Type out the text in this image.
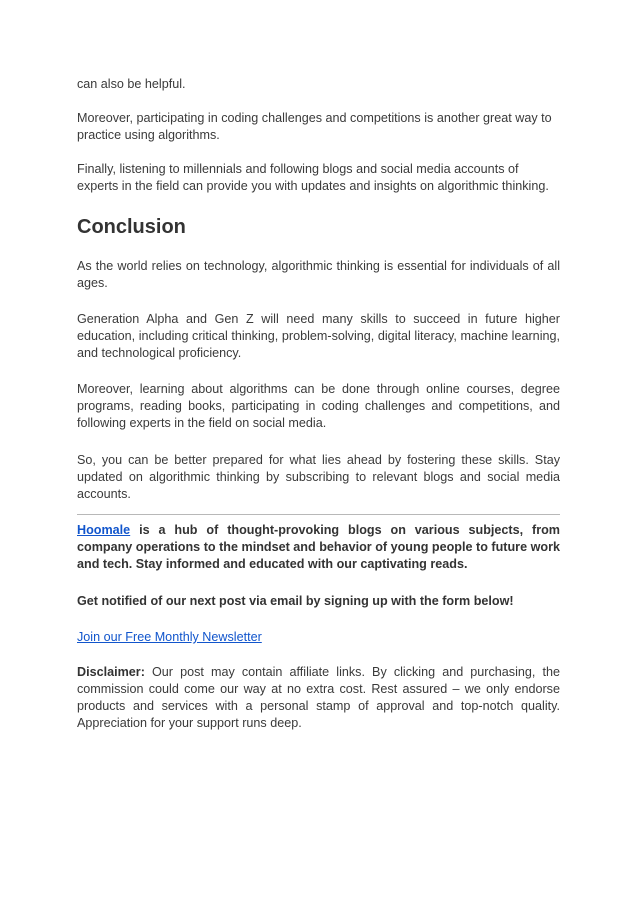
can also be helpful.

Moreover, participating in coding challenges and competitions is another great way to practice using algorithms.

Finally, listening to millennials and following blogs and social media accounts of experts in the field can provide you with updates and insights on algorithmic thinking.

Conclusion

As the world relies on technology, algorithmic thinking is essential for individuals of all ages.

Generation Alpha and Gen Z will need many skills to succeed in future higher education, including critical thinking, problem-solving, digital literacy, machine learning, and technological proficiency.

Moreover, learning about algorithms can be done through online courses, degree programs, reading books, participating in coding challenges and competitions, and following experts in the field on social media.

So, you can be better prepared for what lies ahead by fostering these skills. Stay updated on algorithmic thinking by subscribing to relevant blogs and social media accounts.

Hoomale is a hub of thought-provoking blogs on various subjects, from company operations to the mindset and behavior of young people to future work and tech. Stay informed and educated with our captivating reads.

Get notified of our next post via email by signing up with the form below!

Join our Free Monthly Newsletter

Disclaimer: Our post may contain affiliate links. By clicking and purchasing, the commission could come our way at no extra cost. Rest assured – we only endorse products and services with a personal stamp of approval and top-notch quality. Appreciation for your support runs deep.
